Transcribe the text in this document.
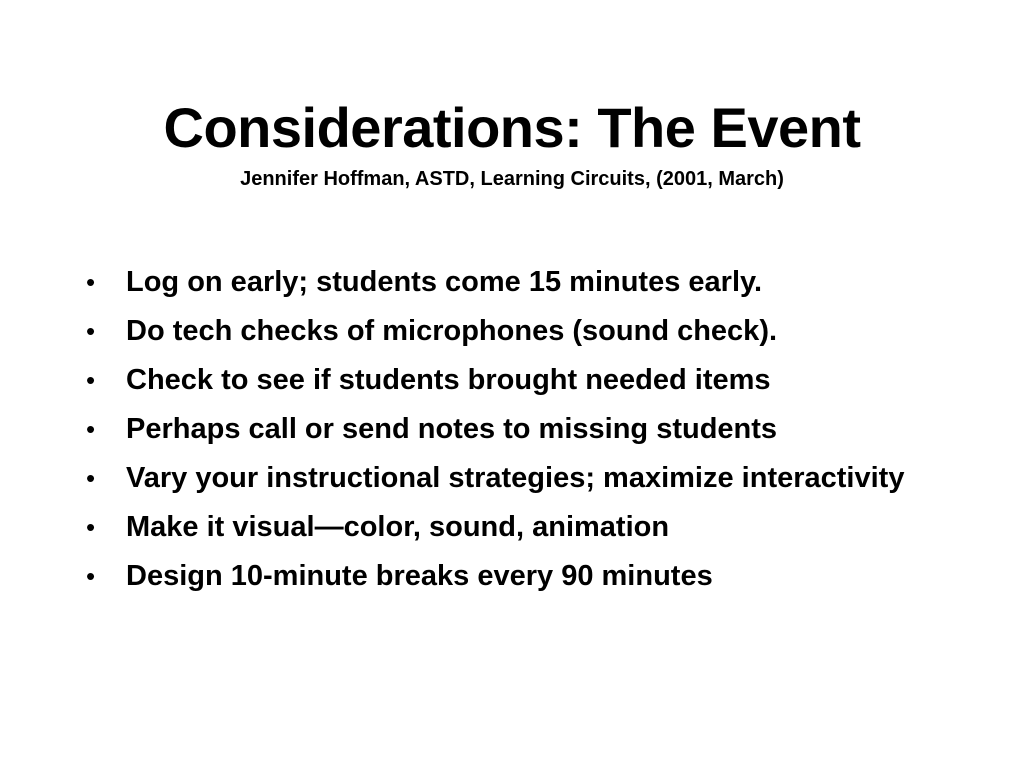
Considerations: The Event

Jennifer Hoffman, ASTD, Learning Circuits, (2001, March)

• Log on early; students come 15 minutes early.
• Do tech checks of microphones (sound check).
• Check to see if students brought needed items
• Perhaps call or send notes to missing students
• Vary your instructional strategies; maximize interactivity
• Make it visual—color, sound, animation
• Design 10-minute breaks every 90 minutes
